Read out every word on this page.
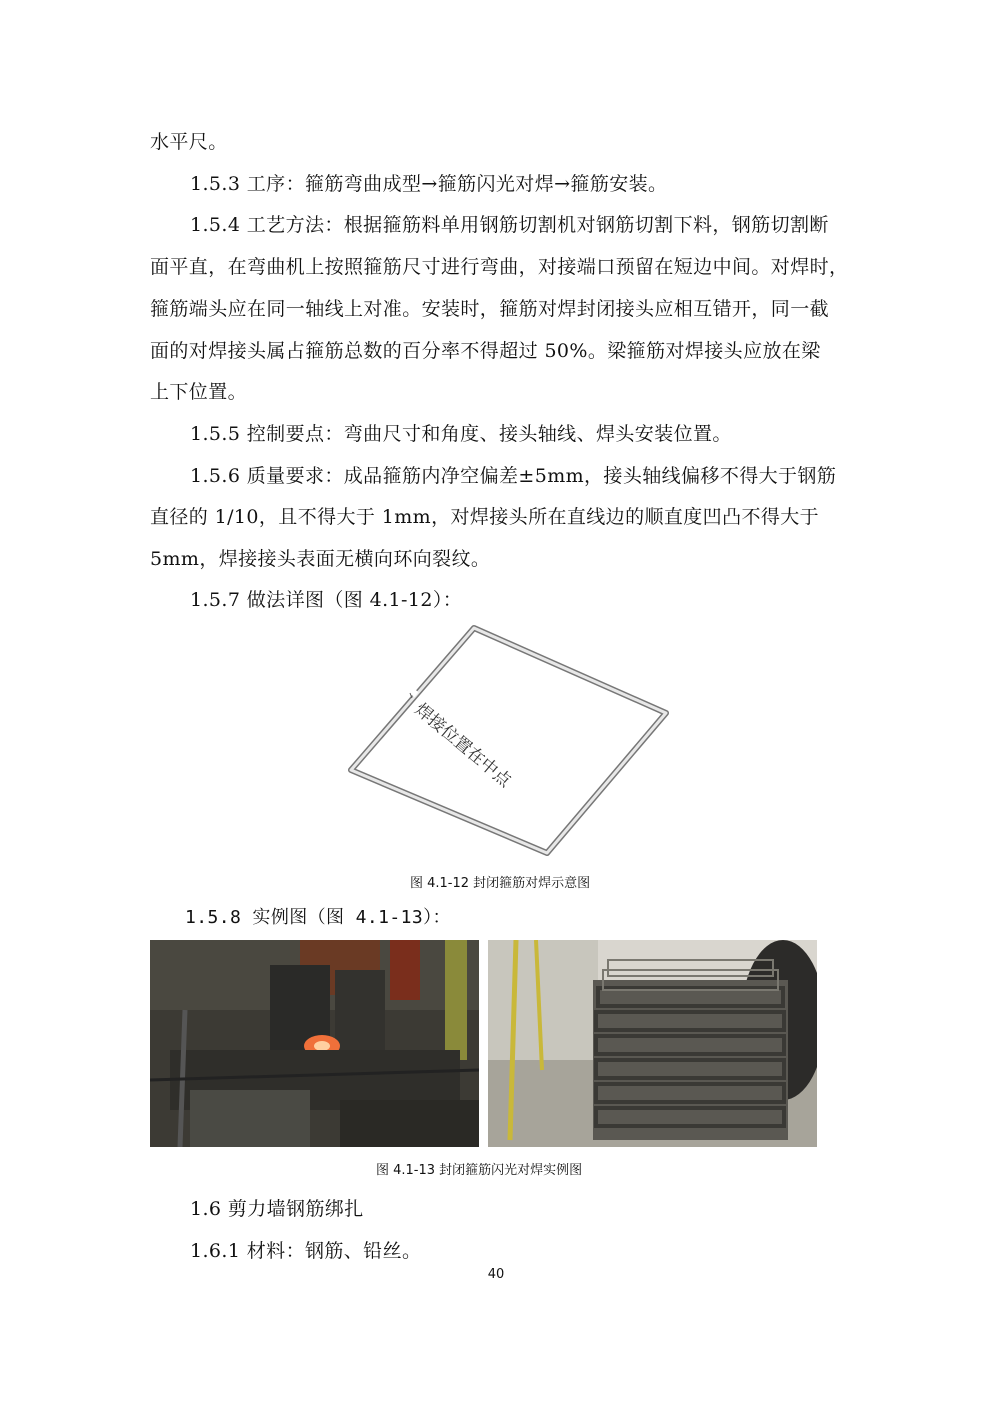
水平尺。
1.5.3 工序：箍筋弯曲成型→箍筋闪光对焊→箍筋安装。
1.5.4 工艺方法：根据箍筋料单用钢筋切割机对钢筋切割下料，钢筋切割断
面平直，在弯曲机上按照箍筋尺寸进行弯曲，对接端口预留在短边中间。对焊时，
箍筋端头应在同一轴线上对准。安装时，箍筋对焊封闭接头应相互错开，同一截
面的对焊接头属占箍筋总数的百分率不得超过 50%。梁箍筋对焊接头应放在梁
上下位置。
1.5.5 控制要点：弯曲尺寸和角度、接头轴线、焊头安装位置。
1.5.6 质量要求：成品箍筋内净空偏差±5mm，接头轴线偏移不得大于钢筋
直径的 1/10，且不得大于 1mm，对焊接头所在直线边的顺直度凹凸不得大于
5mm，焊接接头表面无横向环向裂纹。
1.5.7 做法详图（图 4.1-12）：
焊接位置在中点
图 4.1-12 封闭箍筋对焊示意图
1.5.8 实例图（图 4.1-13）：
图 4.1-13 封闭箍筋闪光对焊实例图
1.6 剪力墙钢筋绑扎
1.6.1 材料：钢筋、铅丝。
40
